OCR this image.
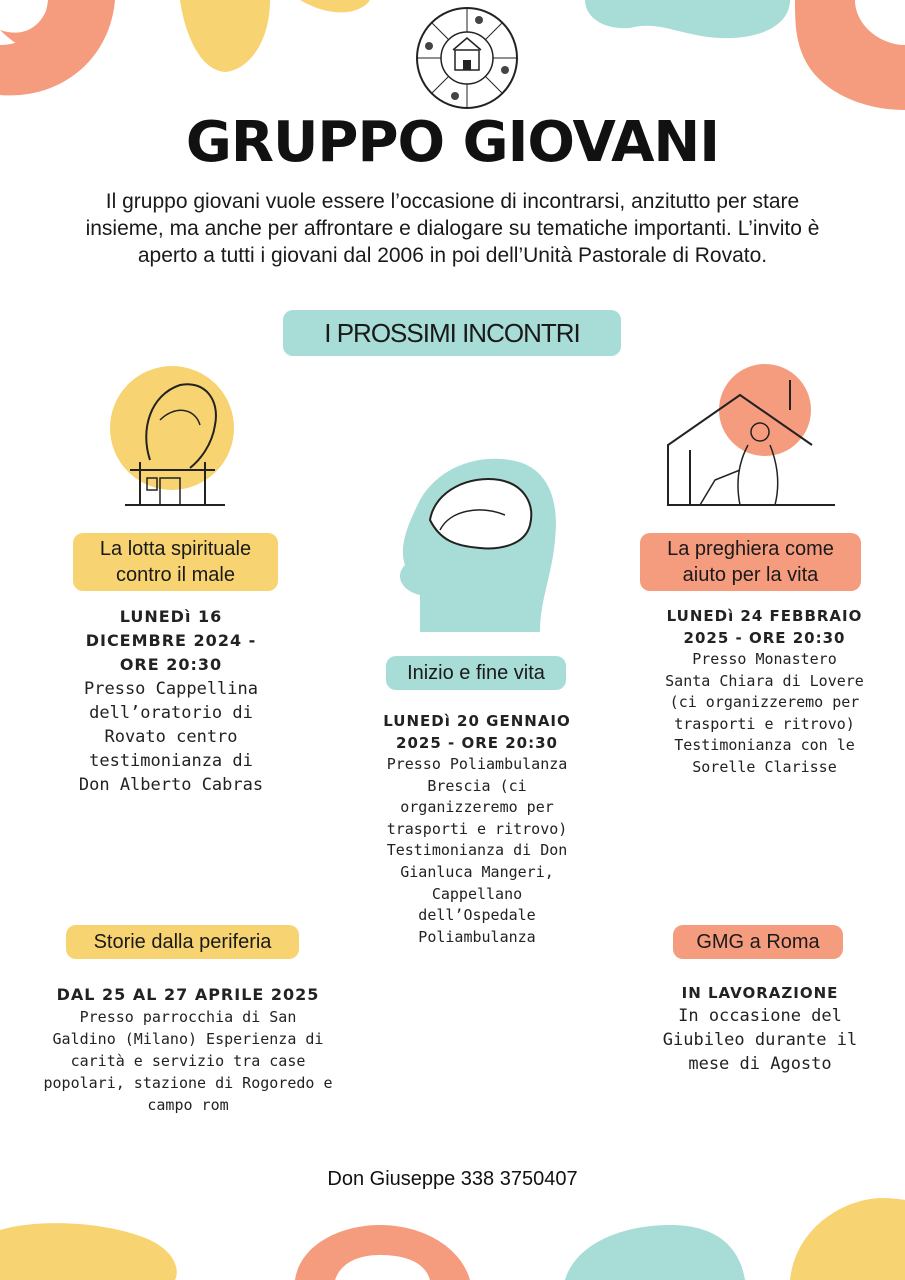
GRUPPO GIOVANI
Il gruppo giovani vuole essere l’occasione di incontrarsi, anzitutto per stare insieme, ma anche per affrontare e dialogare su tematiche importanti. L’invito è aperto a tutti i giovani dal 2006 in poi dell’Unità Pastorale di Rovato.
I PROSSIMI INCONTRI
La lotta spirituale
contro il male
LUNEDì 16
DICEMBRE 2024 -
ORE 20:30
Presso Cappellina
dell’oratorio di
Rovato centro
testimonianza di
Don Alberto Cabras
Inizio e fine vita
LUNEDì 20 GENNAIO
2025 - ORE 20:30
Presso Poliambulanza
Brescia (ci
organizzeremo per
trasporti e ritrovo)
Testimonianza di Don
Gianluca Mangeri,
Cappellano
dell’Ospedale
Poliambulanza
La preghiera come
aiuto per la vita
LUNEDì 24 FEBBRAIO
2025 - ORE 20:30
Presso Monastero
Santa Chiara di Lovere
(ci organizzeremo per
trasporti e ritrovo)
Testimonianza con le
Sorelle Clarisse
Storie dalla periferia
DAL 25 AL 27 APRILE 2025
Presso parrocchia di San
Galdino (Milano) Esperienza di
carità e servizio tra case
popolari, stazione di Rogoredo e
campo rom
GMG a Roma
IN LAVORAZIONE
In occasione del
Giubileo durante il
mese di Agosto
Don Giuseppe 338 3750407
